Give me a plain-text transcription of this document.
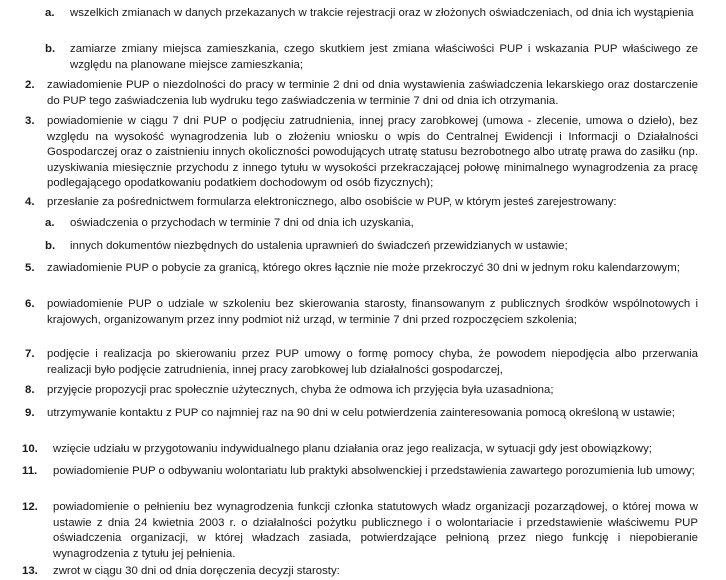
a. wszelkich zmianach w danych przekazanych w trakcie rejestracji oraz w złożonych oświadczeniach, od dnia ich wystąpienia
b. zamiarze zmiany miejsca zamieszkania, czego skutkiem jest zmiana właściwości PUP i wskazania PUP właściwego ze względu na planowane miejsce zamieszkania;
2. zawiadomienie PUP o niezdolności do pracy w terminie 2 dni od dnia wystawienia zaświadczenia lekarskiego oraz dostarczenie do PUP tego zaświadczenia lub wydruku tego zaświadczenia w terminie 7 dni od dnia ich otrzymania.
3. powiadomienie w ciągu 7 dni PUP o podjęciu zatrudnienia, innej pracy zarobkowej (umowa - zlecenie, umowa o dzieło), bez względu na wysokość wynagrodzenia lub o złożeniu wniosku o wpis do Centralnej Ewidencji i Informacji o Działalności Gospodarczej oraz o zaistnieniu innych okoliczności powodujących utratę statusu bezrobotnego albo utratę prawa do zasiłku (np. uzyskiwania miesięcznie przychodu z innego tytułu w wysokości przekraczającej połowę minimalnego wynagrodzenia za pracę podlegającego opodatkowaniu podatkiem dochodowym od osób fizycznych);
4. przesłanie za pośrednictwem formularza elektronicznego, albo osobiście w PUP, w którym jesteś zarejestrowany:
a. oświadczenia o przychodach w terminie 7 dni od dnia ich uzyskania,
b. innych dokumentów niezbędnych do ustalenia uprawnień do świadczeń przewidzianych w ustawie;
5. zawiadomienie PUP o pobycie za granicą, którego okres łącznie nie może przekroczyć 30 dni w jednym roku kalendarzowym;
6. powiadomienie PUP o udziale w szkoleniu bez skierowania starosty, finansowanym z publicznych środków wspólnotowych i krajowych, organizowanym przez inny podmiot niż urząd, w terminie 7 dni przed rozpoczęciem szkolenia;
7. podjęcie i realizacja po skierowaniu przez PUP umowy o formę pomocy chyba, że powodem niepodjęcia albo przerwania realizacji było podjęcie zatrudnienia, innej pracy zarobkowej lub działalności gospodarczej,
8. przyjęcie propozycji prac społecznie użytecznych, chyba że odmowa ich przyjęcia była uzasadniona;
9. utrzymywanie kontaktu z PUP co najmniej raz na 90 dni w celu potwierdzenia zainteresowania pomocą określoną w ustawie;
10. wzięcie udziału w przygotowaniu indywidualnego planu działania oraz jego realizacja, w sytuacji gdy jest obowiązkowy;
11. powiadomienie PUP o odbywaniu wolontariatu lub praktyki absolwenckiej i przedstawienia zawartego porozumienia lub umowy;
12. powiadomienie o pełnieniu bez wynagrodzenia funkcji członka statutowych władz organizacji pozarządowej, o której mowa w ustawie z dnia 24 kwietnia 2003 r. o działalności pożytku publicznego i o wolontariacie i przedstawienie właściwemu PUP oświadczenia organizacji, w której władzach zasiada, potwierdzające pełnioną przez niego funkcję i niepobieranie wynagrodzenia z tytułu jej pełnienia.
13. zwrot w ciągu 30 dni od dnia doręczenia decyzji starosty:
